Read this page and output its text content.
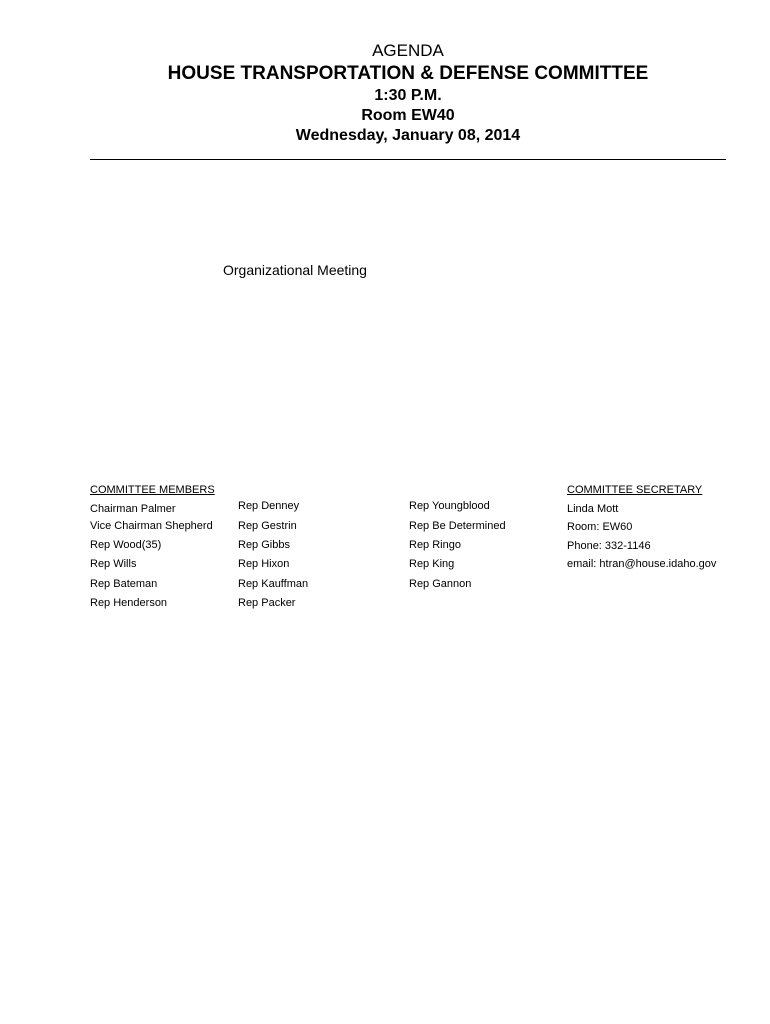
AGENDA
HOUSE TRANSPORTATION & DEFENSE COMMITTEE
1:30 P.M.
Room EW40
Wednesday, January 08, 2014
Organizational Meeting
COMMITTEE MEMBERS
Chairman Palmer
Vice Chairman Shepherd
Rep Wood(35)
Rep Wills
Rep Bateman
Rep Henderson
Rep Denney
Rep Gestrin
Rep Gibbs
Rep Hixon
Rep Kauffman
Rep Packer
Rep Youngblood
Rep Be Determined
Rep Ringo
Rep King
Rep Gannon
COMMITTEE SECRETARY
Linda Mott
Room: EW60
Phone: 332-1146
email: htran@house.idaho.gov
